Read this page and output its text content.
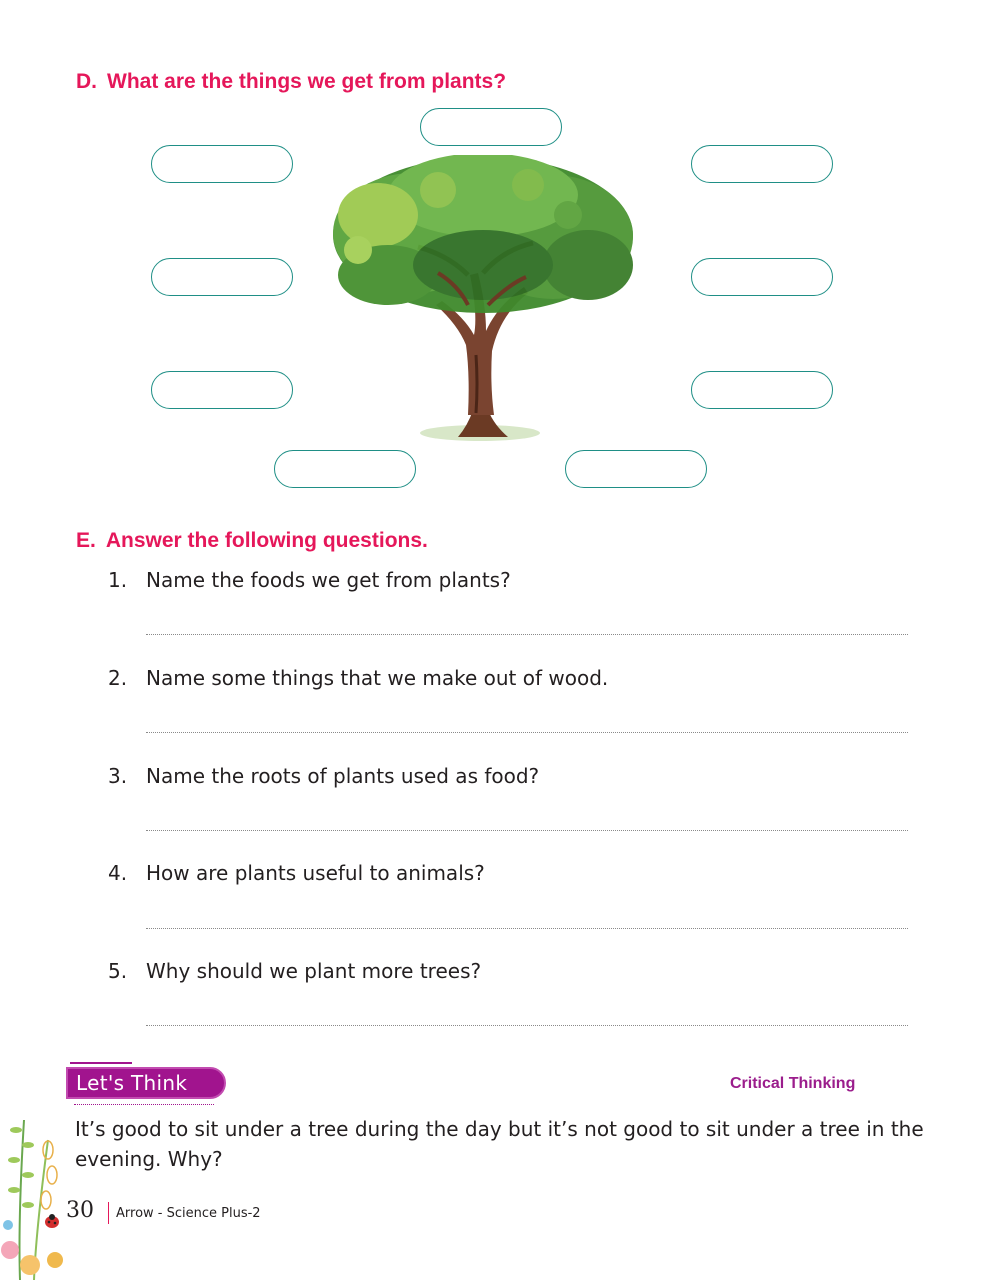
D. What are the things we get from plants?
E. Answer the following questions.
1. Name the foods we get from plants?
2. Name some things that we make out of wood.
3. Name the roots of plants used as food?
4. How are plants useful to animals?
5. Why should we plant more trees?
Let's Think	Critical Thinking
It’s good to sit under a tree during the day but it’s not good to sit under a tree in the evening. Why?
30 Arrow - Science Plus-2
